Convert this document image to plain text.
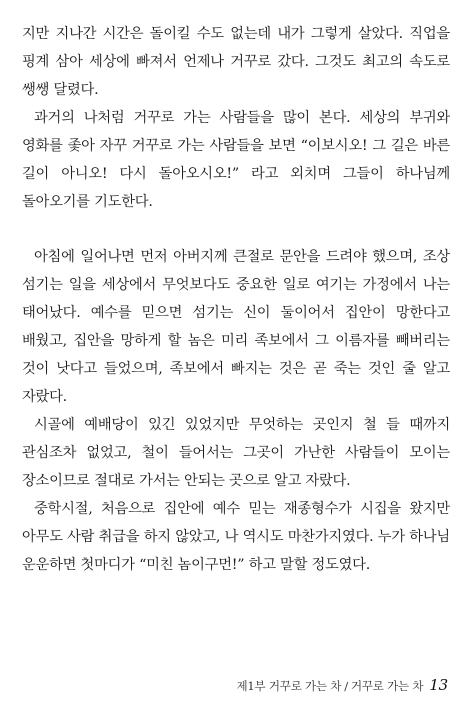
지만 지나간 시간은 돌이킬 수도 없는데 내가 그렇게 살았다. 직업을 핑계 삼아 세상에 빠져서 언제나 거꾸로 갔다. 그것도 최고의 속도로 쌩쌩 달렸다.

과거의 나처럼 거꾸로 가는 사람들을 많이 본다. 세상의 부귀와 영화를 좇아 자꾸 거꾸로 가는 사람들을 보면 “이보시오! 그 길은 바른 길이 아니오! 다시 돌아오시오!” 라고 외치며 그들이 하나님께 돌아오기를 기도한다.

아침에 일어나면 먼저 아버지께 큰절로 문안을 드려야 했으며, 조상 섬기는 일을 세상에서 무엇보다도 중요한 일로 여기는 가정에서 나는 태어났다. 예수를 믿으면 섬기는 신이 둘이어서 집안이 망한다고 배웠고, 집안을 망하게 할 놈은 미리 족보에서 그 이름자를 빼버리는 것이 낫다고 들었으며, 족보에서 빠지는 것은 곧 죽는 것인 줄 알고 자랐다.

시골에 예배당이 있긴 있었지만 무엇하는 곳인지 철 들 때까지 관심조차 없었고, 철이 들어서는 그곳이 가난한 사람들이 모이는 장소이므로 절대로 가서는 안되는 곳으로 알고 자랐다.

중학시절, 처음으로 집안에 예수 믿는 재종형수가 시집을 왔지만 아무도 사람 취급을 하지 않았고, 나 역시도 마찬가지였다. 누가 하나님 운운하면 첫마디가 “미친 놈이구먼!” 하고 말할 정도였다.

제1부 거꾸로 가는 차 / 거꾸로 가는 차 13
